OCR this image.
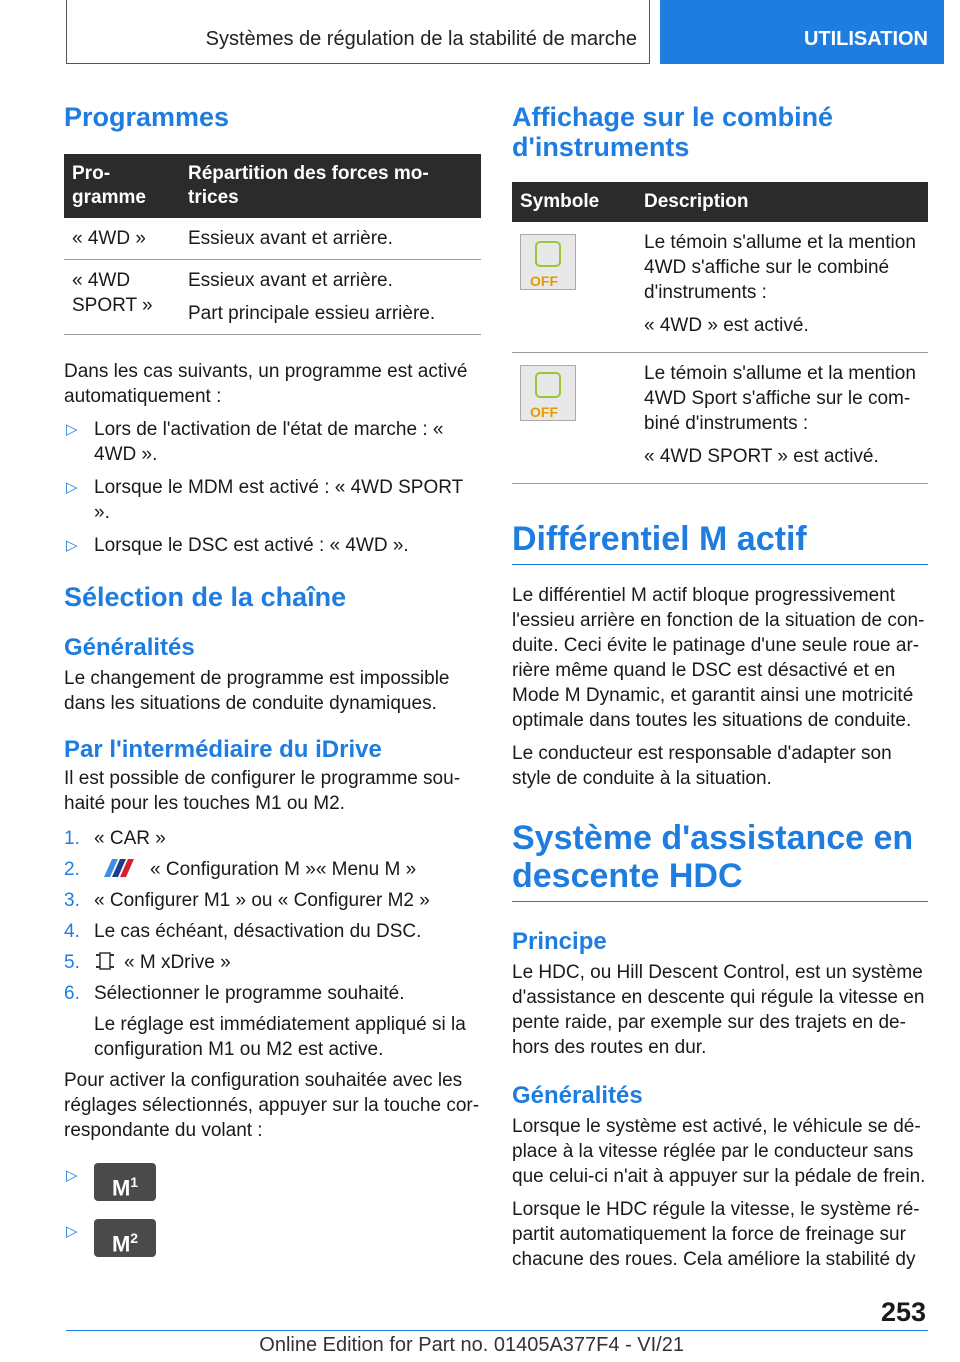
Systèmes de régulation de la stabilité de marche	UTILISATION
Programmes
Programme	Répartition des forces motrices
« 4WD »	Essieux avant et arrière.

« 4WD SPORT »	Essieux avant et arrière.

Part principale essieu arrière.

Dans les cas suivants, un programme est activé automatiquement :

▷ Lors de l'activation de l'état de marche : « 4WD ».
▷ Lorsque le MDM est activé : « 4WD SPORT ».
▷ Lorsque le DSC est activé : « 4WD ».
Sélection de la chaîne
Généralités

Le changement de programme est impossible dans les situations de conduite dynamiques.

Par l'intermédiaire du iDrive

Il est possible de configurer le programme souhaité pour les touches M1 ou M2.

1. « CAR »
2.	« Configuration M »« Menu M »
3. « Configurer M1 » ou « Configurer M2 »
4. Le cas échéant, désactivation du DSC.
5. « M xDrive »
6. Sélectionner le programme souhaité.

Le réglage est immédiatement appliqué si la configuration M1 ou M2 est active.

Pour activer la configuration souhaitée avec les réglages sélectionnés, appuyer sur la touche correspondante du volant :

▷ $M^1$
▷ $M^2$
Affichage sur le combiné d'instruments
Symbole	Description

OFF	Le témoin s'allume et la mention 4WD s'affiche sur le combiné d'instruments :

« 4WD » est activé.

OFF	Le témoin s'allume et la mention 4WD Sport s'affiche sur le combiné d'instruments :

« 4WD SPORT » est activé.

Différentiel M actif

Le différentiel M actif bloque progressivement l'essieu arrière en fonction de la situation de conduite. Ceci évite le patinage d'une seule roue arrière même quand le DSC est désactivé et en Mode M Dynamic, et garantit ainsi une motricité optimale dans toutes les situations de conduite.

Le conducteur est responsable d'adapter son style de conduite à la situation.

Système d'assistance en descente HDC
Principe

Le HDC, ou Hill Descent Control, est un système d'assistance en descente qui régule la vitesse en pente raide, par exemple sur des trajets en dehors des routes en dur.

Généralités

Lorsque le système est activé, le véhicule se déplace à la vitesse réglée par le conducteur sans que celui-ci n'ait à appuyer sur la pédale de frein.

Lorsque le HDC régule la vitesse, le système répartit automatiquement la force de freinage sur chacune des roues. Cela améliore la stabilité dy

253
Online Edition for Part no. 01405A377F4 - VI/21
